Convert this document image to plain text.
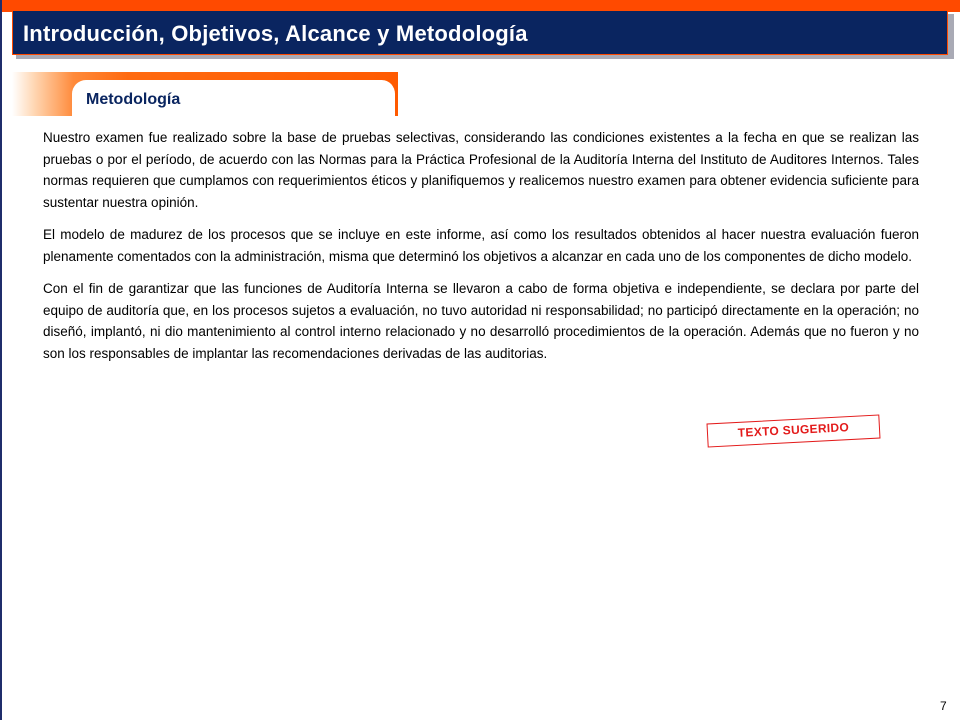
Introducción, Objetivos, Alcance y Metodología
Metodología

Nuestro examen fue realizado sobre la base de pruebas selectivas, considerando las condiciones existentes a la fecha en que se realizan las pruebas o por el período, de acuerdo con las Normas para la Práctica Profesional de la Auditoría Interna del Instituto de Auditores Internos. Tales normas requieren que cumplamos con requerimientos éticos y planifiquemos y realicemos nuestro examen para obtener evidencia suficiente para sustentar nuestra opinión.

El modelo de madurez de los procesos que se incluye en este informe, así como los resultados obtenidos al hacer nuestra evaluación fueron plenamente comentados con la administración, misma que determinó los objetivos a alcanzar en cada uno de los componentes de dicho modelo.

Con el fin de garantizar que las funciones de Auditoría Interna se llevaron a cabo de forma objetiva e independiente, se declara por parte del equipo de auditoría que, en los procesos sujetos a evaluación, no tuvo autoridad ni responsabilidad; no participó directamente en la operación; no diseñó, implantó, ni dio mantenimiento al control interno relacionado y no desarrolló procedimientos de la operación. Además que no fueron y no son los responsables de implantar las recomendaciones derivadas de las auditorias.

TEXTO SUGERIDO
7
